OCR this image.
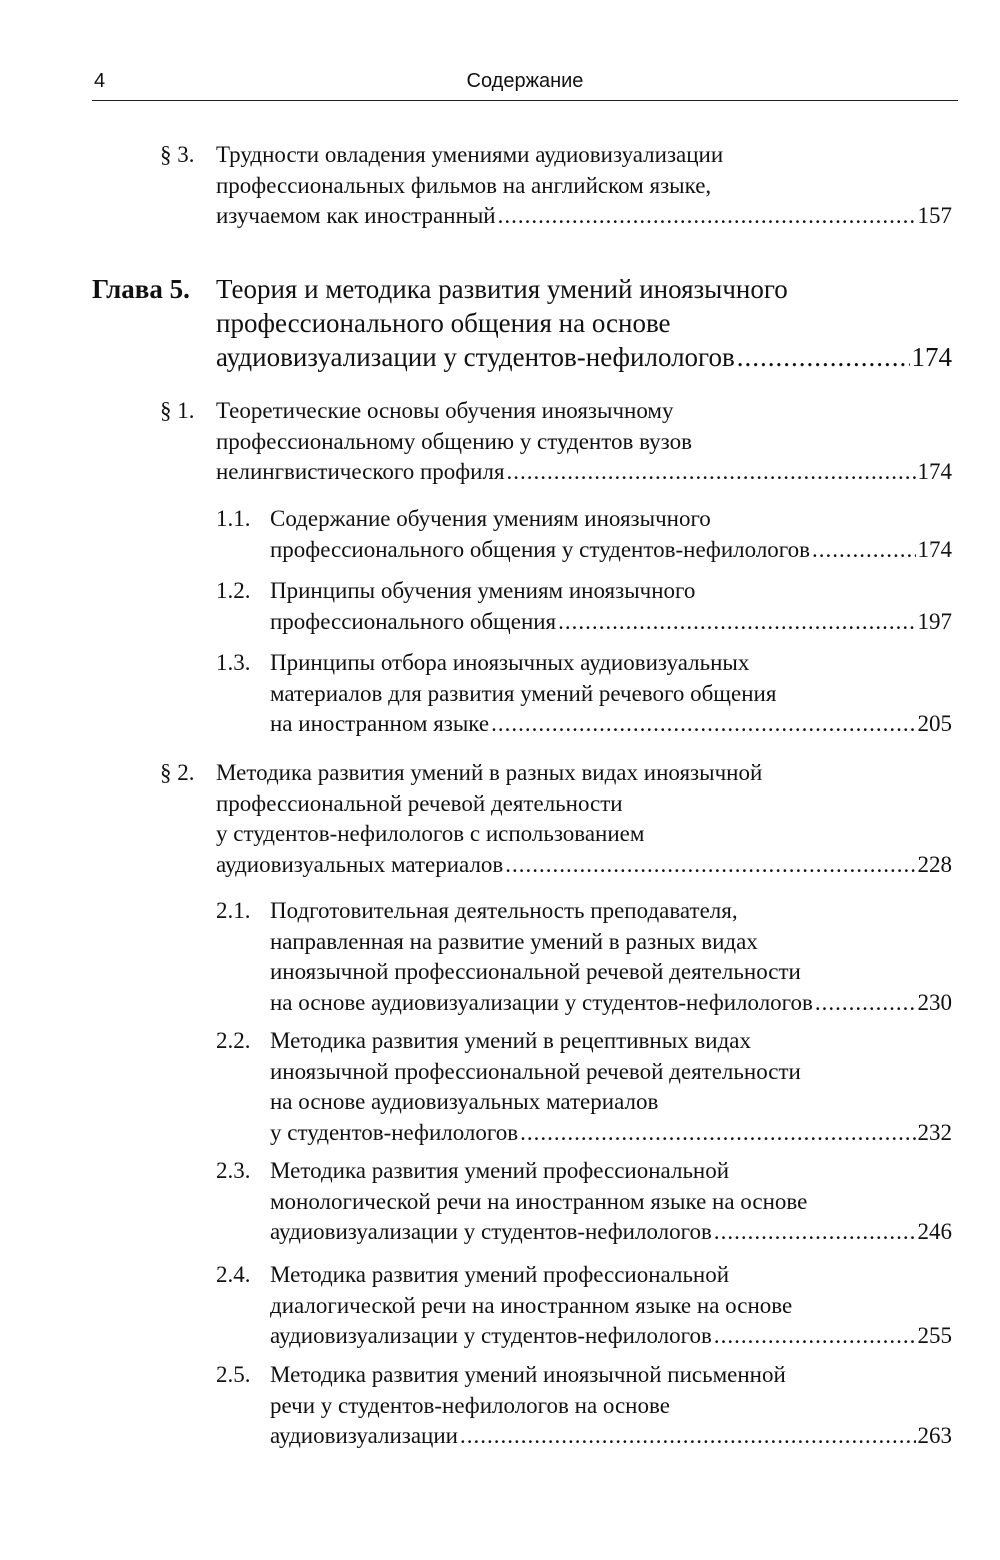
4	Содержание
§ 3. Трудности овладения умениями аудиовизуализации
профессиональных фильмов на английском языке,
изучаемом как иностранный .....	157
Глава 5. Теория и методика развития умений иноязычного
профессионального общения на основе
аудиовизуализации у студентов-нефилологов .....	174
§ 1. Теоретические основы обучения иноязычному
профессиональному общению у студентов вузов
нелингвистического профиля .....	174
1.1. Содержание обучения умениям иноязычного
профессионального общения у студентов-нефилологов .....	174
1.2. Принципы обучения умениям иноязычного
профессионального общения .....	197
1.3. Принципы отбора иноязычных аудиовизуальных
материалов для развития умений речевого общения
на иностранном языке .....	205
§ 2. Методика развития умений в разных видах иноязычной
профессиональной речевой деятельности
у студентов-нефилологов с использованием
аудиовизуальных материалов .....	228
2.1. Подготовительная деятельность преподавателя,
направленная на развитие умений в разных видах
иноязычной профессиональной речевой деятельности
на основе аудиовизуализации у студентов-нефилологов .....	230
2.2. Методика развития умений в рецептивных видах
иноязычной профессиональной речевой деятельности
на основе аудиовизуальных материалов
у студентов-нефилологов .....	232
2.3. Методика развития умений профессиональной
монологической речи на иностранном языке на основе
аудиовизуализации у студентов-нефилологов .....	246
2.4. Методика развития умений профессиональной
диалогической речи на иностранном языке на основе
аудиовизуализации у студентов-нефилологов .....	255
2.5. Методика развития умений иноязычной письменной
речи у студентов-нефилологов на основе
аудиовизуализации .....	263
